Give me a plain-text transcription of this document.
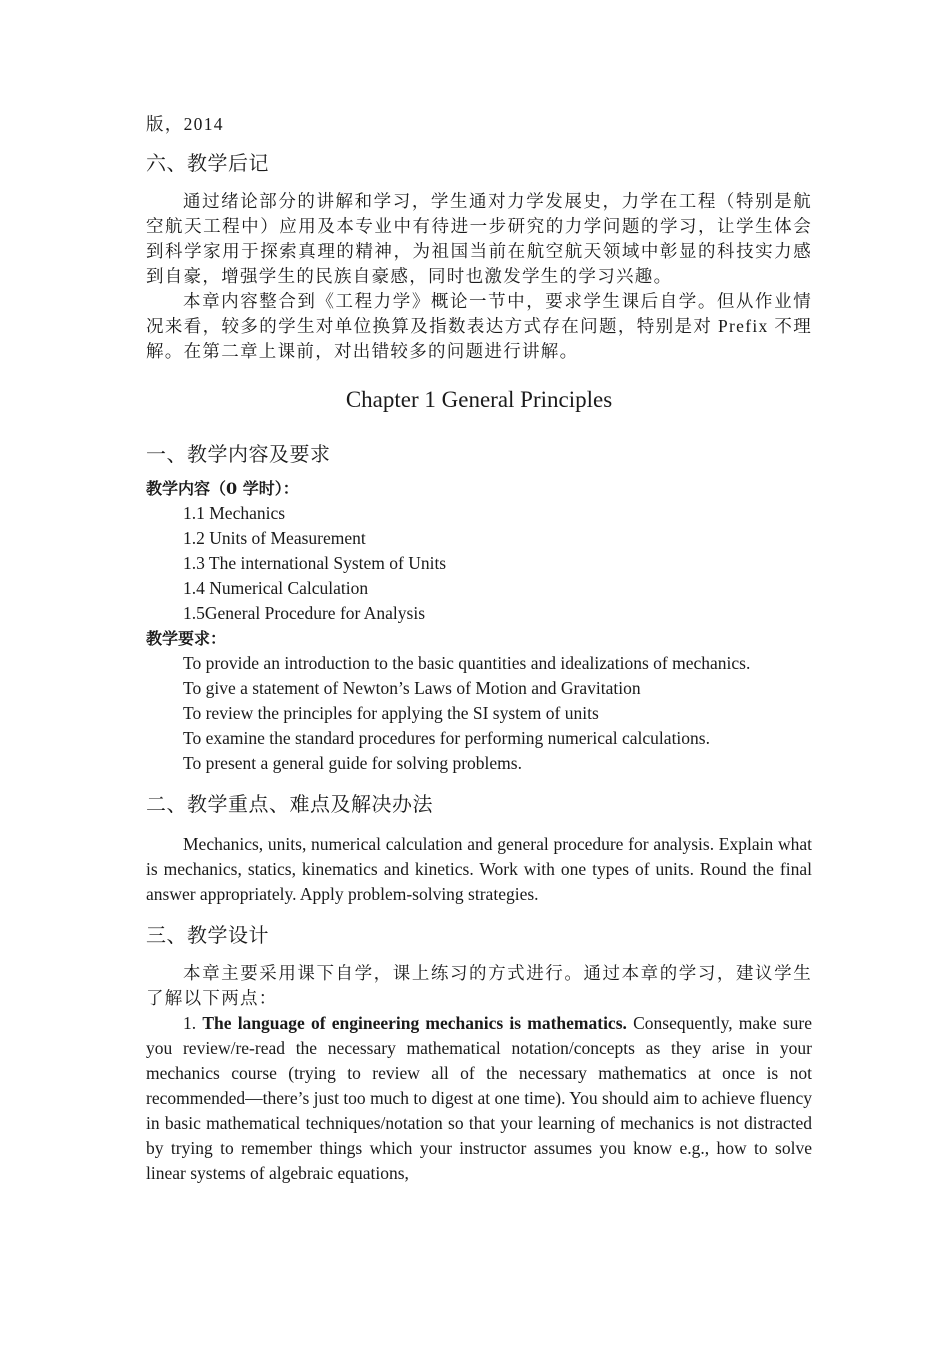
版，2014

六、教学后记

通过绪论部分的讲解和学习，学生通对力学发展史，力学在工程（特别是航空航天工程中）应用及本专业中有待进一步研究的力学问题的学习，让学生体会到科学家用于探索真理的精神，为祖国当前在航空航天领域中彰显的科技实力感到自豪，增强学生的民族自豪感，同时也激发学生的学习兴趣。

本章内容整合到《工程力学》概论一节中，要求学生课后自学。但从作业情况来看，较多的学生对单位换算及指数表达方式存在问题，特别是对 Prefix 不理解。在第二章上课前，对出错较多的问题进行讲解。

Chapter 1 General Principles

一、教学内容及要求

教学内容（0 学时）：

1.1 Mechanics

1.2 Units of Measurement

1.3 The international System of Units

1.4 Numerical Calculation

1.5General Procedure for Analysis

教学要求：

To provide an introduction to the basic quantities and idealizations of mechanics.

To give a statement of Newton’s Laws of Motion and Gravitation

To review the principles for applying the SI system of units

To examine the standard procedures for performing numerical calculations.

To present a general guide for solving problems.

二、教学重点、难点及解决办法

Mechanics, units, numerical calculation and general procedure for analysis. Explain what is mechanics, statics, kinematics and kinetics. Work with one types of units. Round the final answer appropriately. Apply problem-solving strategies.

三、教学设计

本章主要采用课下自学，课上练习的方式进行。通过本章的学习，建议学生了解以下两点：

1. The language of engineering mechanics is mathematics. Consequently, make sure you review/re-read the necessary mathematical notation/concepts as they arise in your mechanics course (trying to review all of the necessary mathematics at once is not recommended—there’s just too much to digest at one time). You should aim to achieve fluency in basic mathematical techniques/notation so that your learning of mechanics is not distracted by trying to remember things which your instructor assumes you know e.g., how to solve linear systems of algebraic equations,
